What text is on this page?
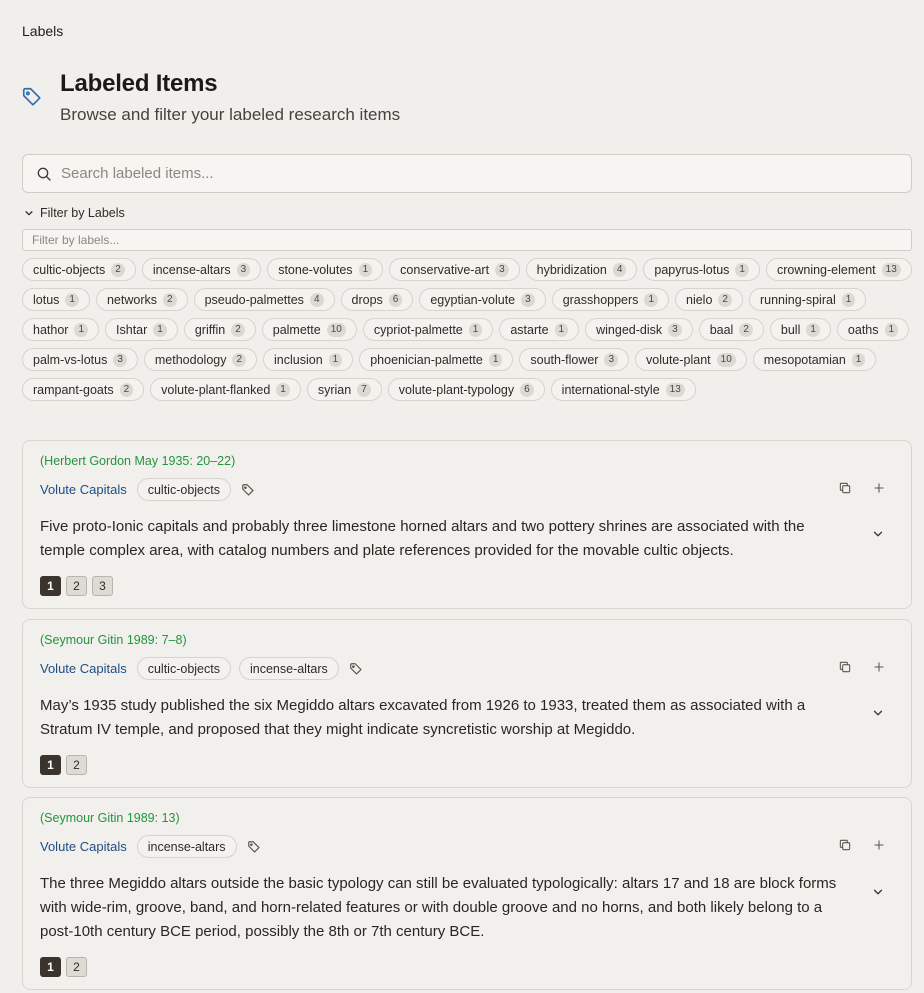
Labels
Labeled Items
Browse and filter your labeled research items
Search labeled items...
Filter by Labels
Filter by labels...
cultic-objects	2	incense-altars	3	stone-volutes	1	conservative-art	3	hybridization	4	papyrus-lotus	1	crowning-element	13
lotus	1	networks	2	pseudo-palmettes	4	drops	6	egyptian-volute	3	grasshoppers	1	nielo	2	running-spiral	1
hathor	1	Ishtar	1	griffin	2	palmette	10	cypriot-palmette	1	astarte	1	winged-disk	3	baal	2	bull	1	oaths	1
palm-vs-lotus	3	methodology	2	inclusion	1	phoenician-palmette	1	south-flower	3	volute-plant	10	mesopotamian	1
rampant-goats	2	volute-plant-flanked	1	syrian	7	volute-plant-typology	6	international-style	13
(Herbert Gordon May 1935: 20–22)
Volute Capitals	cultic-objects
Five proto-Ionic capitals and probably three limestone horned altars and two pottery shrines are associated with the temple complex area, with catalog numbers and plate references provided for the movable cultic objects.
1	2	3
(Seymour Gitin 1989: 7–8)
Volute Capitals	cultic-objects	incense-altars
May’s 1935 study published the six Megiddo altars excavated from 1926 to 1933, treated them as associated with a Stratum IV temple, and proposed that they might indicate syncretistic worship at Megiddo.
1	2
(Seymour Gitin 1989: 13)
Volute Capitals	incense-altars
The three Megiddo altars outside the basic typology can still be evaluated typologically: altars 17 and 18 are block forms with wide-rim, groove, band, and horn-related features or with double groove and no horns, and both likely belong to a post-10th century BCE period, possibly the 8th or 7th century BCE.
1	2
